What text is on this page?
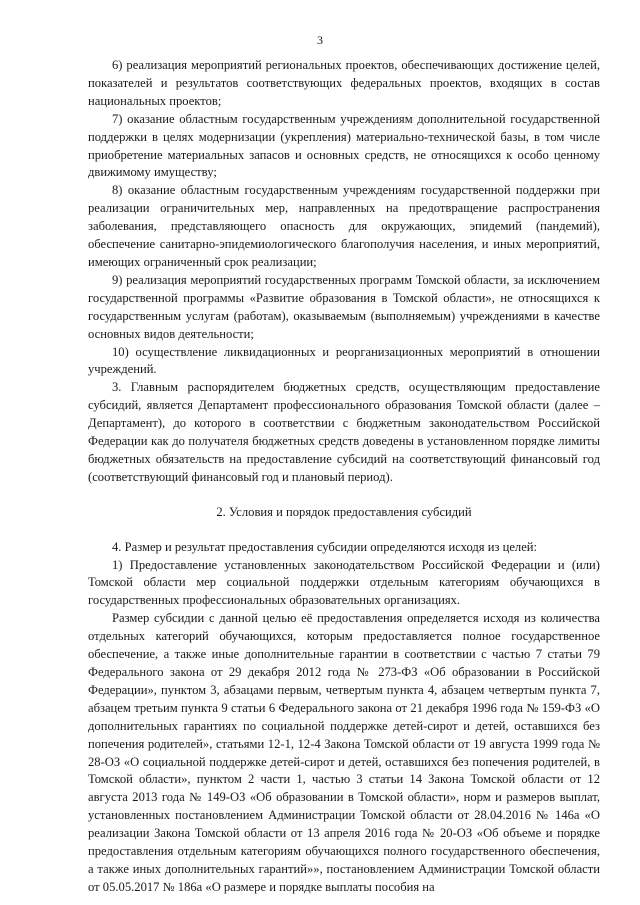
3

6) реализация мероприятий региональных проектов, обеспечивающих достижение целей, показателей и результатов соответствующих федеральных проектов, входящих в состав национальных проектов;

7) оказание областным государственным учреждениям дополнительной государственной поддержки в целях модернизации (укрепления) материально-технической базы, в том числе приобретение материальных запасов и основных средств, не относящихся к особо ценному движимому имуществу;

8) оказание областным государственным учреждениям государственной поддержки при реализации ограничительных мер, направленных на предотвращение распространения заболевания, представляющего опасность для окружающих, эпидемий (пандемий), обеспечение санитарно-эпидемиологического благополучия населения, и иных мероприятий, имеющих ограниченный срок реализации;

9) реализация мероприятий государственных программ Томской области, за исключением государственной программы «Развитие образования в Томской области», не относящихся к государственным услугам (работам), оказываемым (выполняемым) учреждениями в качестве основных видов деятельности;

10) осуществление ликвидационных и реорганизационных мероприятий в отношении учреждений.

3. Главным распорядителем бюджетных средств, осуществляющим предоставление субсидий, является Департамент профессионального образования Томской области (далее – Департамент), до которого в соответствии с бюджетным законодательством Российской Федерации как до получателя бюджетных средств доведены в установленном порядке лимиты бюджетных обязательств на предоставление субсидий на соответствующий финансовый год (соответствующий финансовый год и плановый период).

2. Условия и порядок предоставления субсидий

4. Размер и результат предоставления субсидии определяются исходя из целей:

1) Предоставление установленных законодательством Российской Федерации и (или) Томской области мер социальной поддержки отдельным категориям обучающихся в государственных профессиональных образовательных организациях.

Размер субсидии с данной целью её предоставления определяется исходя из количества отдельных категорий обучающихся, которым предоставляется полное государственное обеспечение, а также иные дополнительные гарантии в соответствии с частью 7 статьи 79 Федерального закона от 29 декабря 2012 года № 273-ФЗ «Об образовании в Российской Федерации», пунктом 3, абзацами первым, четвертым пункта 4, абзацем четвертым пункта 7, абзацем третьим пункта 9 статьи 6 Федерального закона от 21 декабря 1996 года № 159-ФЗ «О дополнительных гарантиях по социальной поддержке детей-сирот и детей, оставшихся без попечения родителей», статьями 12-1, 12-4 Закона Томской области от 19 августа 1999 года № 28-ОЗ «О социальной поддержке детей-сирот и детей, оставшихся без попечения родителей, в Томской области», пунктом 2 части 1, частью 3 статьи 14 Закона Томской области от 12 августа 2013 года № 149-ОЗ «Об образовании в Томской области», норм и размеров выплат, установленных постановлением Администрации Томской области от 28.04.2016 № 146а «О реализации Закона Томской области от 13 апреля 2016 года № 20-ОЗ «Об объеме и порядке предоставления отдельным категориям обучающихся полного государственного обеспечения, а также иных дополнительных гарантий»», постановлением Администрации Томской области от 05.05.2017 № 186а «О размере и порядке выплаты пособия на
